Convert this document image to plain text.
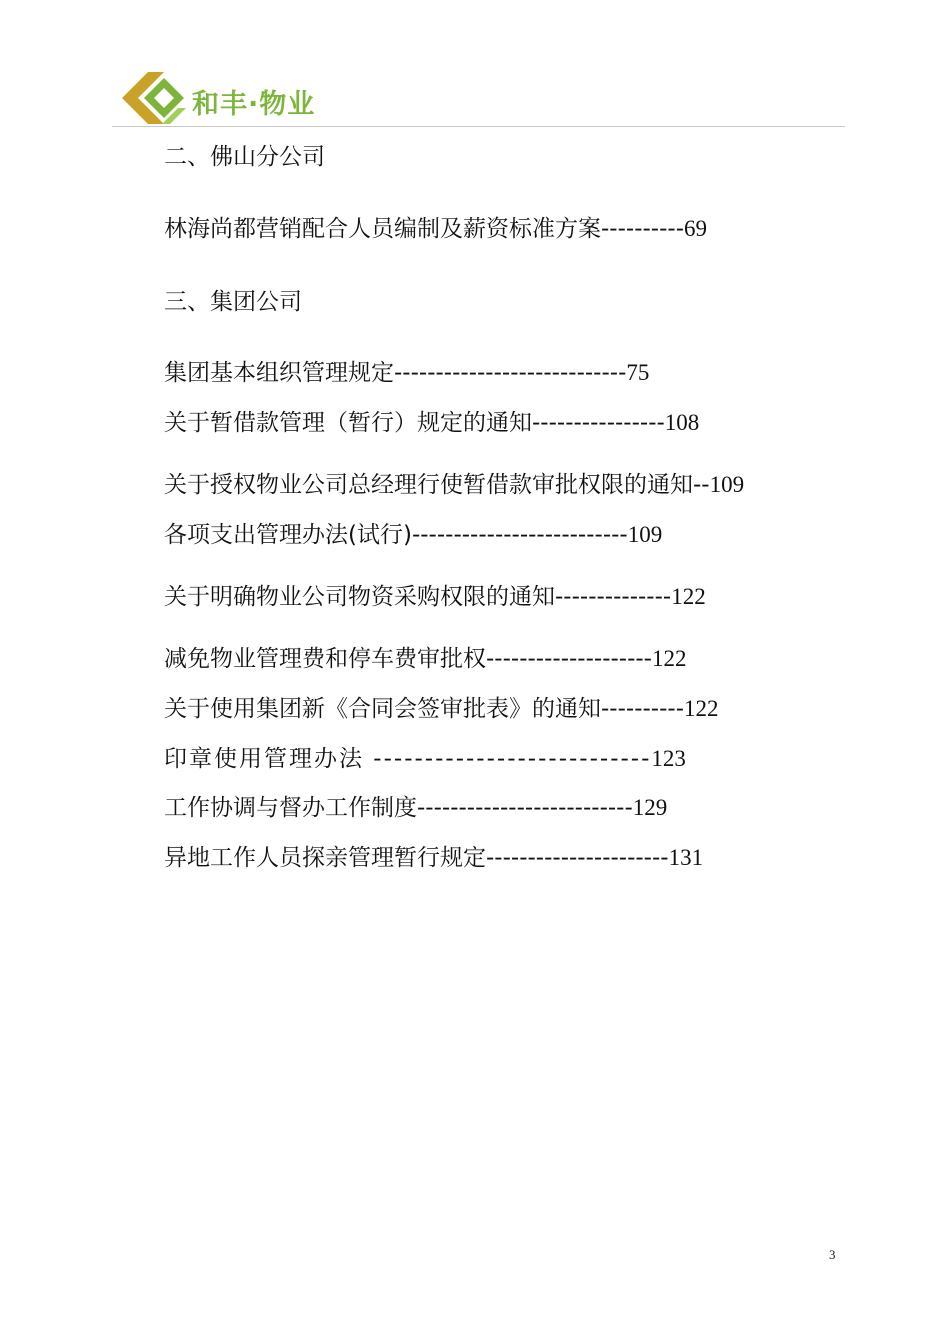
和丰·物业
二、佛山分公司
林海尚都营销配合人员编制及薪资标准方案----------69
三、集团公司
集团基本组织管理规定----------------------------75
关于暂借款管理（暂行）规定的通知----------------108
关于授权物业公司总经理行使暂借款审批权限的通知--109
各项支出管理办法(试行)--------------------------109
关于明确物业公司物资采购权限的通知--------------122
减免物业管理费和停车费审批权--------------------122
关于使用集团新《合同会签审批表》的通知----------122
印章使用管理办法 ---------------------------123
工作协调与督办工作制度--------------------------129
异地工作人员探亲管理暂行规定----------------------131
3
